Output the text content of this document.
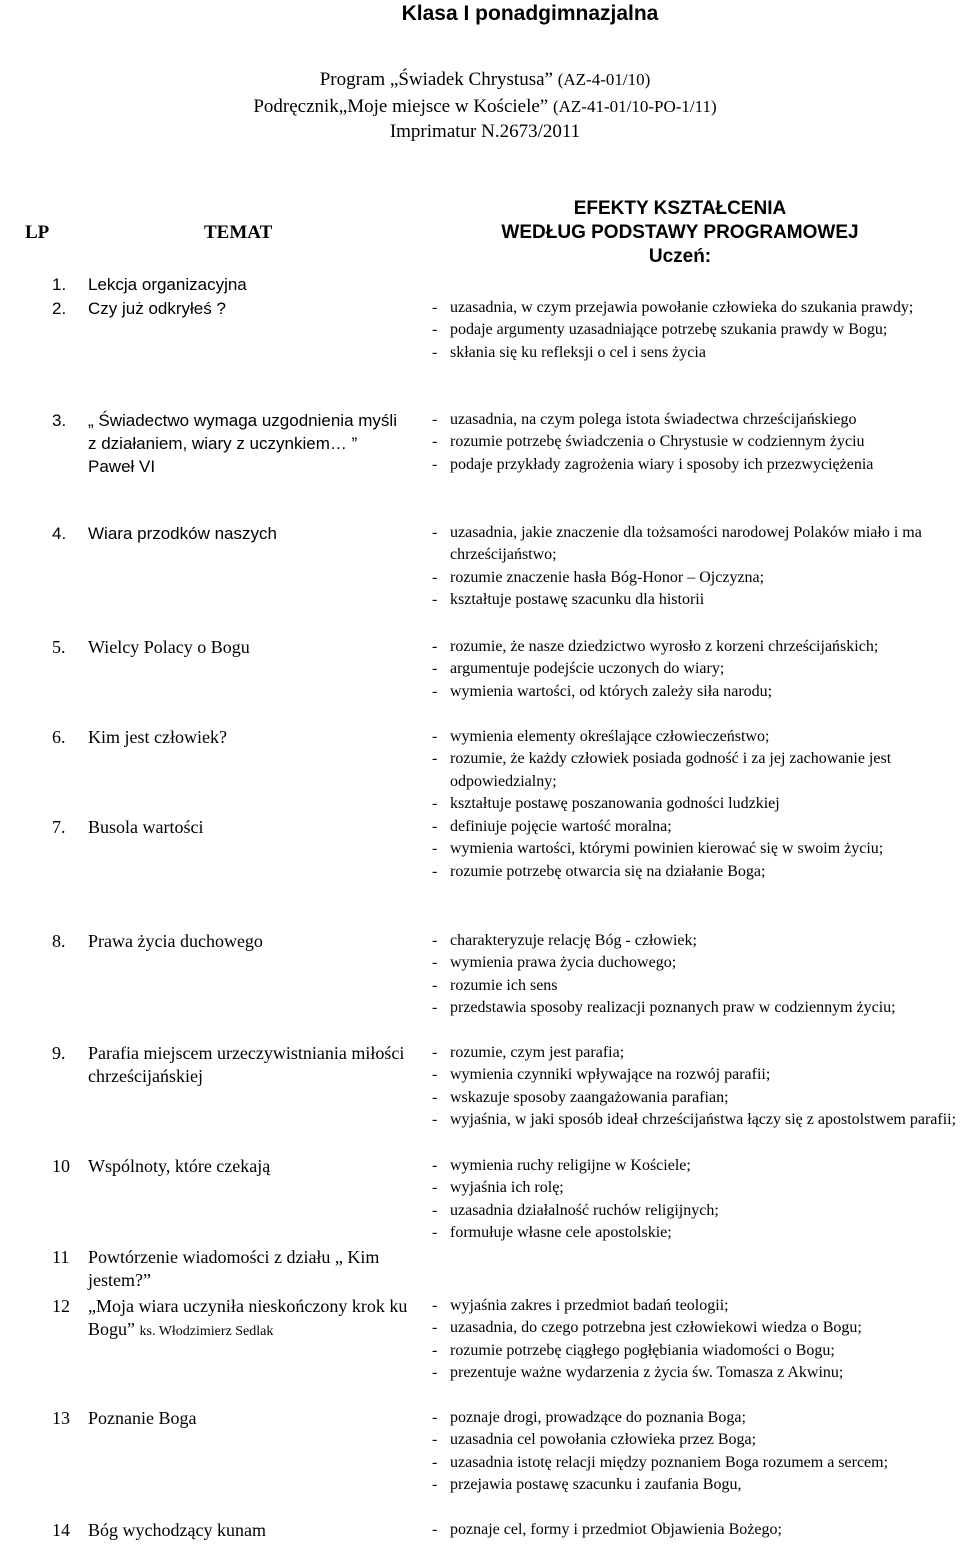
Klasa I ponadgimnazjalna
Program „Świadek Chrystusa” (AZ-4-01/10)
Podręcznik„Moje miejsce w Kościele” (AZ-41-01/10-PO-1/11)
Imprimatur N.2673/2011
LP	TEMAT
EFEKTY KSZTAŁCENIA
WEDŁUG PODSTAWY PROGRAMOWEJ
Uczeń:
1. Lekcja organizacyjna
2. Czy już odkryłeś ?	- uzasadnia, w czym przejawia powołanie człowieka do szukania prawdy;
- podaje argumenty uzasadniające potrzebę szukania prawdy w Bogu;
- skłania się ku refleksji o cel i sens życia
3. „ Świadectwo wymaga uzgodnienia myśli z działaniem, wiary z uczynkiem… ” Paweł VI
- uzasadnia, na czym polega istota świadectwa chrześcijańskiego
- rozumie potrzebę świadczenia o Chrystusie w codziennym życiu
- podaje przykłady zagrożenia wiary i sposoby ich przezwyciężenia
4. Wiara przodków naszych	- uzasadnia, jakie znaczenie dla tożsamości narodowej Polaków miało i ma chrześcijaństwo;
- rozumie znaczenie hasła Bóg-Honor – Ojczyzna;
- kształtuje postawę szacunku dla historii
5. Wielcy Polacy o Bogu	- rozumie, że nasze dziedzictwo wyrosło z korzeni chrześcijańskich;
- argumentuje podejście uczonych do wiary;
- wymienia wartości, od których zależy siła narodu;
6. Kim jest człowiek?	- wymienia elementy określające człowieczeństwo;
- rozumie, że każdy człowiek posiada godność i za jej zachowanie jest odpowiedzialny;
- kształtuje postawę poszanowania godności ludzkiej
7. Busola wartości	- definiuje pojęcie wartość moralna;
- wymienia wartości, którymi powinien kierować się w swoim życiu;
- rozumie potrzebę otwarcia się na działanie Boga;
8. Prawa życia duchowego	- charakteryzuje relację Bóg - człowiek;
- wymienia prawa życia duchowego;
- rozumie ich sens
- przedstawia sposoby realizacji poznanych praw w codziennym życiu;
9. Parafia miejscem urzeczywistniania miłości chrześcijańskiej
- rozumie, czym jest parafia;
- wymienia czynniki wpływające na rozwój parafii;
- wskazuje sposoby zaangażowania parafian;
- wyjaśnia, w jaki sposób ideał chrześcijaństwa łączy się z apostolstwem parafii;
10 Wspólnoty, które czekają	- wymienia ruchy religijne w Kościele;
- wyjaśnia ich rolę;
- uzasadnia działalność ruchów religijnych;
- formułuje własne cele apostolskie;
11 Powtórzenie wiadomości z działu „ Kim jestem?”
12 „Moja wiara uczyniła nieskończony krok ku Bogu” ks. Włodzimierz Sedlak
- wyjaśnia zakres i przedmiot badań teologii;
- uzasadnia, do czego potrzebna jest człowiekowi wiedza o Bogu;
- rozumie potrzebę ciągłego pogłębiania wiadomości o Bogu;
- prezentuje ważne wydarzenia z życia św. Tomasza z Akwinu;
13 Poznanie Boga	- poznaje drogi, prowadzące do poznania Boga;
- uzasadnia cel powołania człowieka przez Boga;
- uzasadnia istotę relacji między poznaniem Boga rozumem a sercem;
- przejawia postawę szacunku i zaufania Bogu,
14 Bóg wychodzący kunam	- poznaje cel, formy i przedmiot Objawienia Bożego;
